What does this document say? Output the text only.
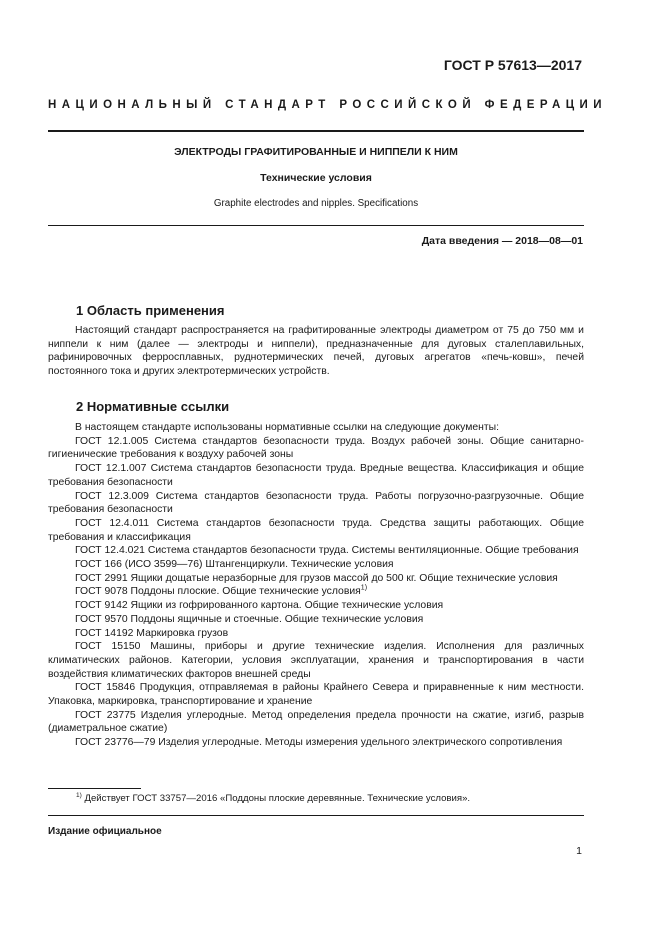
ГОСТ Р 57613—2017
НАЦИОНАЛЬНЫЙ СТАНДАРТ РОССИЙСКОЙ ФЕДЕРАЦИИ
ЭЛЕКТРОДЫ ГРАФИТИРОВАННЫЕ И НИППЕЛИ К НИМ
Технические условия
Graphite electrodes and nipples. Specifications
Дата введения — 2018—08—01
1 Область применения

Настоящий стандарт распространяется на графитированные электроды диаметром от 75 до 750 мм и ниппели к ним (далее — электроды и ниппели), предназначенные для дуговых сталеплавильных, рафинировочных ферросплавных, руднотермических печей, дуговых агрегатов «печь-ковш», печей постоянного тока и других электротермических устройств.

2 Нормативные ссылки

В настоящем стандарте использованы нормативные ссылки на следующие документы:

ГОСТ 12.1.005 Система стандартов безопасности труда. Воздух рабочей зоны. Общие санитарно-гигиенические требования к воздуху рабочей зоны

ГОСТ 12.1.007 Система стандартов безопасности труда. Вредные вещества. Классификация и общие требования безопасности

ГОСТ 12.3.009 Система стандартов безопасности труда. Работы погрузочно-разгрузочные. Общие требования безопасности

ГОСТ 12.4.011 Система стандартов безопасности труда. Средства защиты работающих. Общие требования и классификация

ГОСТ 12.4.021 Система стандартов безопасности труда. Системы вентиляционные. Общие требования

ГОСТ 166 (ИСО 3599—76) Штангенциркули. Технические условия

ГОСТ 2991 Ящики дощатые неразборные для грузов массой до 500 кг. Общие технические условия

ГОСТ 9078 Поддоны плоские. Общие технические условия$^{1)}$

ГОСТ 9142 Ящики из гофрированного картона. Общие технические условия

ГОСТ 9570 Поддоны ящичные и стоечные. Общие технические условия

ГОСТ 14192 Маркировка грузов

ГОСТ 15150 Машины, приборы и другие технические изделия. Исполнения для различных климатических районов. Категории, условия эксплуатации, хранения и транспортирования в части воздействия климатических факторов внешней среды

ГОСТ 15846 Продукция, отправляемая в районы Крайнего Севера и приравненные к ним местности. Упаковка, маркировка, транспортирование и хранение

ГОСТ 23775 Изделия углеродные. Метод определения предела прочности на сжатие, изгиб, разрыв (диаметральное сжатие)

ГОСТ 23776—79 Изделия углеродные. Методы измерения удельного электрического сопротивления

$^{1)}$ Действует ГОСТ 33757—2016 «Поддоны плоские деревянные. Технические условия».
Издание официальное
1
